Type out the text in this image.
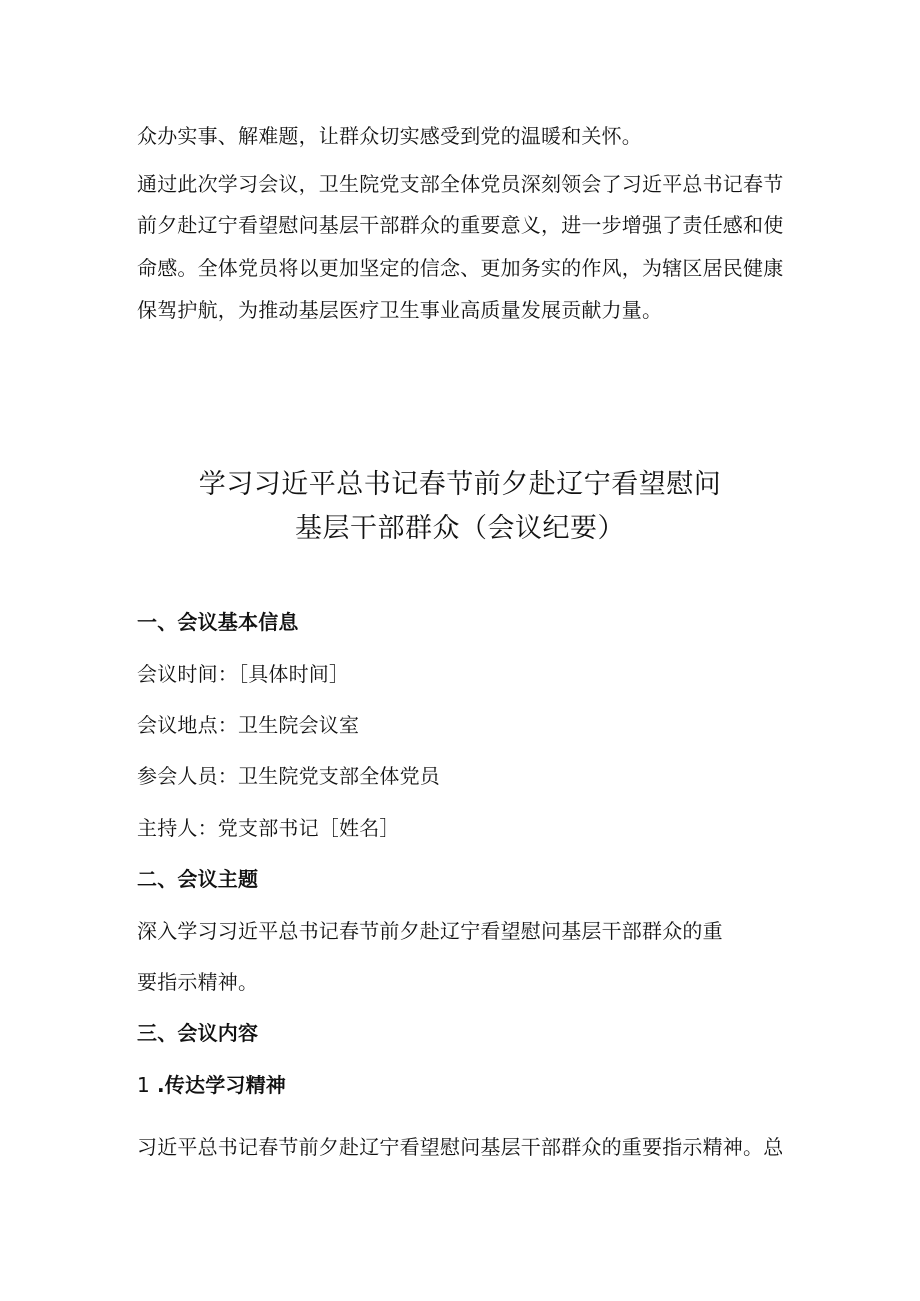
众办实事、解难题，让群众切实感受到党的温暖和关怀。
通过此次学习会议，卫生院党支部全体党员深刻领会了习近平总书记春节
前夕赴辽宁看望慰问基层干部群众的重要意义，进一步增强了责任感和使
命感。全体党员将以更加坚定的信念、更加务实的作风，为辖区居民健康
保驾护航，为推动基层医疗卫生事业高质量发展贡献力量。
学习习近平总书记春节前夕赴辽宁看望慰问
基层干部群众（会议纪要）
一、会议基本信息
会议时间：［具体时间］
会议地点：卫生院会议室
参会人员：卫生院党支部全体党员
主持人：党支部书记［姓名］
二、会议主题
深入学习习近平总书记春节前夕赴辽宁看望慰问基层干部群众的重
要指示精神。
三、会议内容
1 .传达学习精神
习近平总书记春节前夕赴辽宁看望慰问基层干部群众的重要指示精神。总
